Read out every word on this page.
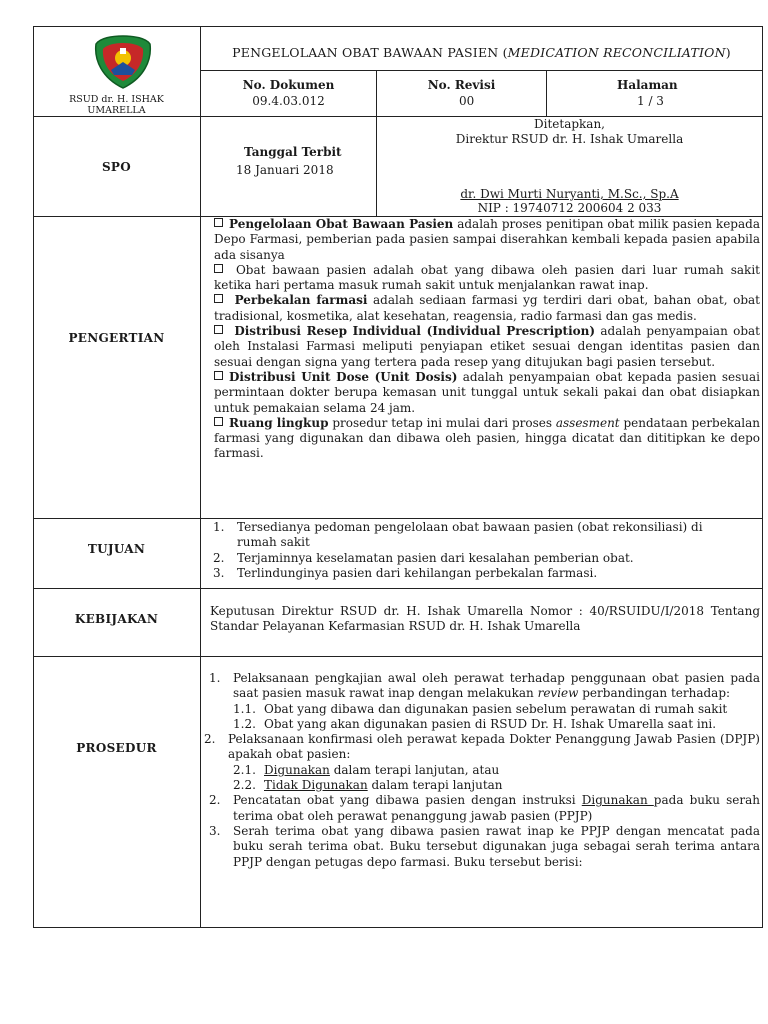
RSUD dr. H. ISHAK
UMARELLA
PENGELOLAAN OBAT BAWAAN PASIEN (MEDICATION RECONCILIATION)
No. Dokumen
09.4.03.012
No. Revisi
00
Halaman
1 / 3
SPO
Tanggal Terbit
18 Januari 2018
Ditetapkan,
Direktur RSUD dr. H. Ishak Umarella
dr. Dwi Murti Nuryanti, M.Sc., Sp.A
NIP : 19740712 200604 2 033
PENGERTIAN

Pengelolaan Obat Bawaan Pasien adalah proses penitipan obat milik pasien kepada Depo Farmasi, pemberian pada pasien sampai diserahkan kembali kepada pasien apabila ada sisanya

Obat bawaan pasien adalah obat yang dibawa oleh pasien dari luar rumah sakit ketika hari pertama masuk rumah sakit untuk menjalankan rawat inap.

Perbekalan farmasi adalah sediaan farmasi yg terdiri dari obat, bahan obat, obat tradisional, kosmetika, alat kesehatan, reagensia, radio farmasi dan gas medis.

Distribusi Resep Individual (Individual Prescription) adalah penyampaian obat oleh Instalasi Farmasi meliputi penyiapan etiket sesuai dengan identitas pasien dan sesuai dengan signa yang tertera pada resep yang ditujukan bagi pasien tersebut.

Distribusi Unit Dose (Unit Dosis) adalah penyampaian obat kepada pasien sesuai permintaan dokter berupa kemasan unit tunggal untuk sekali pakai dan obat disiapkan untuk pemakaian selama 24 jam.

Ruang lingkup prosedur tetap ini mulai dari proses assesment pendataan perbekalan farmasi yang digunakan dan dibawa oleh pasien, hingga dicatat dan dititipkan ke depo farmasi.

TUJUAN
1. Tersedianya pedoman pengelolaan obat bawaan pasien (obat rekonsiliasi) di rumah sakit
2. Terjaminnya keselamatan pasien dari kesalahan pemberian obat.
3. Terlindunginya pasien dari kehilangan perbekalan farmasi.
KEBIJAKAN
Keputusan Direktur RSUD dr. H. Ishak Umarella Nomor : 40/RSUIDU/I/2018 Tentang Standar Pelayanan Kefarmasian RSUD dr. H. Ishak Umarella
PROSEDUR
1. Pelaksanaan pengkajian awal oleh perawat terhadap penggunaan obat pasien pada saat pasien masuk rawat inap dengan melakukan review perbandingan terhadap:
1.1. Obat yang dibawa dan digunakan pasien sebelum perawatan di rumah sakit
1.2. Obat yang akan digunakan pasien di RSUD Dr. H. Ishak Umarella saat ini.
2. Pelaksanaan konfirmasi oleh perawat kepada Dokter Penanggung Jawab Pasien (DPJP) apakah obat pasien:
2.1. Digunakan dalam terapi lanjutan, atau
2.2. Tidak Digunakan dalam terapi lanjutan
2. Pencatatan obat yang dibawa pasien dengan instruksi Digunakan pada buku serah terima obat oleh perawat penanggung jawab pasien (PPJP)
3. Serah terima obat yang dibawa pasien rawat inap ke PPJP dengan mencatat pada buku serah terima obat. Buku tersebut digunakan juga sebagai serah terima antara PPJP dengan petugas depo farmasi. Buku tersebut berisi:
